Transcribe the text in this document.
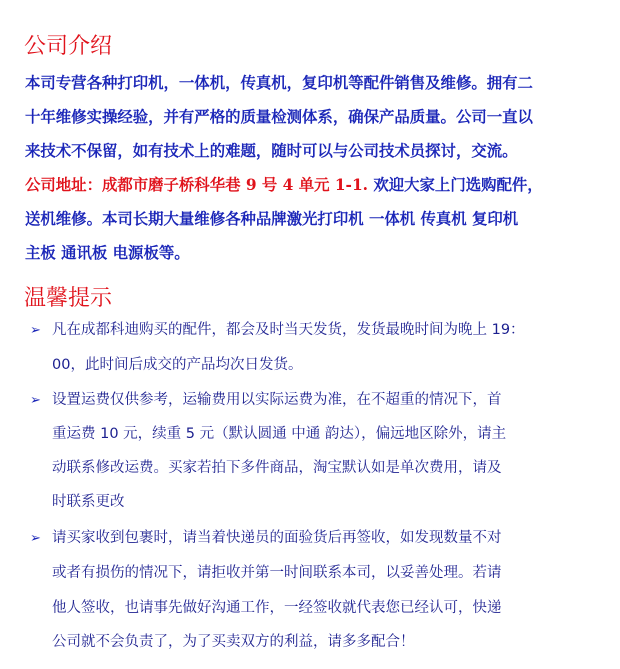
公司介绍
本司专营各种打印机，一体机，传真机，复印机等配件销售及维修。拥有二
十年维修实操经验，并有严格的质量检测体系，确保产品质量。公司一直以
来技术不保留，如有技术上的难题，随时可以与公司技术员探讨，交流。
公司地址：成都市磨子桥科华巷 9 号 4 单元 1-1. 欢迎大家上门选购配件，
送机维修。本司长期大量维修各种品牌激光打印机 一体机 传真机 复印机
主板 通讯板 电源板等。
温馨提示
➢ 凡在成都科迪购买的配件，都会及时当天发货，发货最晚时间为晚上 19：
00，此时间后成交的产品均次日发货。
➢ 设置运费仅供参考，运输费用以实际运费为准，在不超重的情况下，首
重运费 10 元，续重 5 元（默认圆通 中通 韵达），偏远地区除外，请主
动联系修改运费。买家若拍下多件商品，淘宝默认如是单次费用，请及
时联系更改
➢ 请买家收到包裹时，请当着快递员的面验货后再签收，如发现数量不对
或者有损伤的情况下，请拒收并第一时间联系本司，以妥善处理。若请
他人签收，也请事先做好沟通工作，一经签收就代表您已经认可，快递
公司就不会负责了，为了买卖双方的利益，请多多配合！
